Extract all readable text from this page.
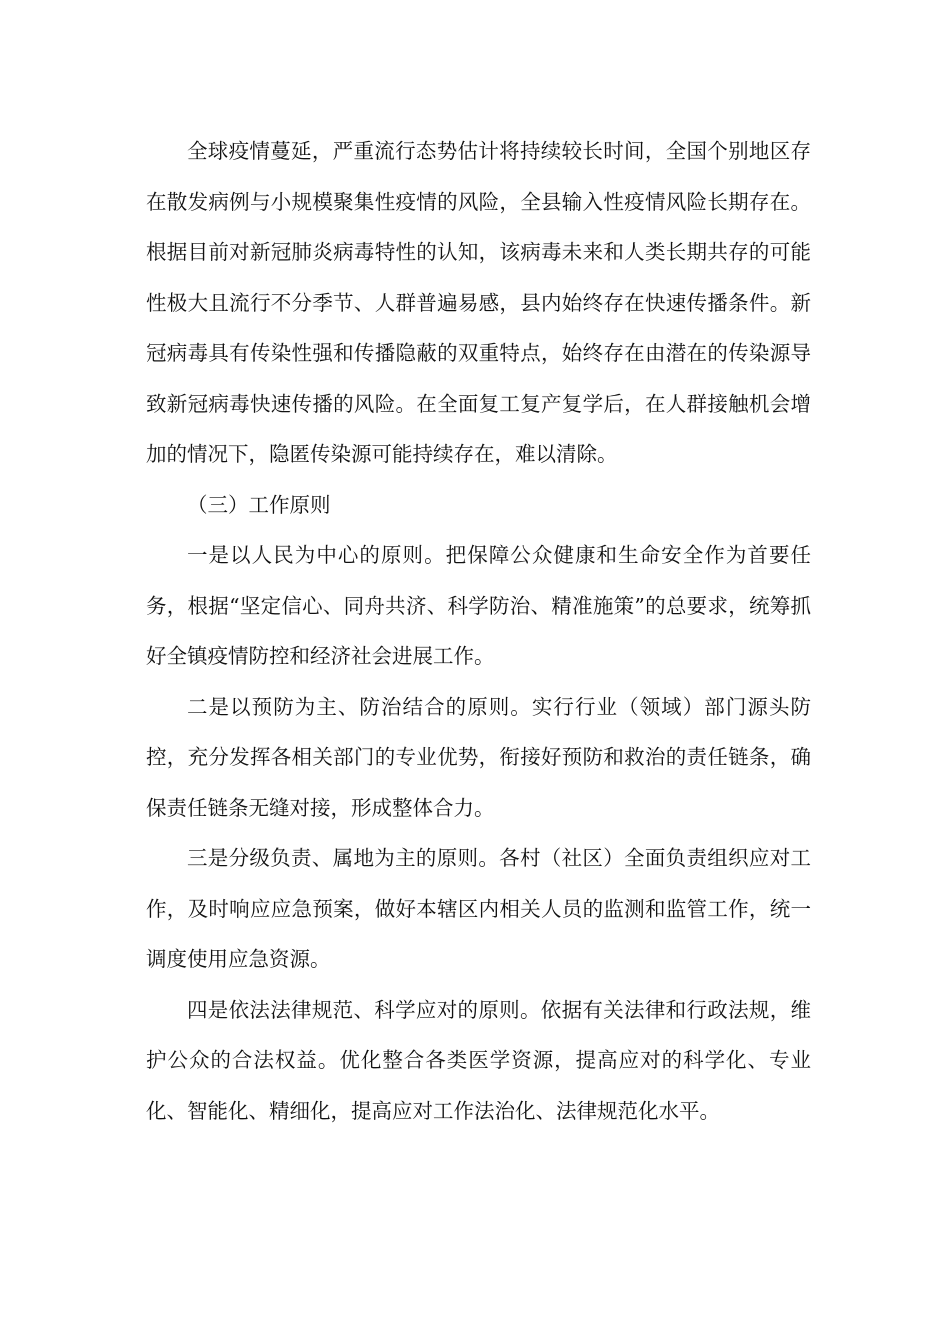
全球疫情蔓延，严重流行态势估计将持续较长时间，全国个别地区存在散发病例与小规模聚集性疫情的风险，全县输入性疫情风险长期存在。根据目前对新冠肺炎病毒特性的认知，该病毒未来和人类长期共存的可能性极大且流行不分季节、人群普遍易感，县内始终存在快速传播条件。新冠病毒具有传染性强和传播隐蔽的双重特点，始终存在由潜在的传染源导致新冠病毒快速传播的风险。在全面复工复产复学后，在人群接触机会增加的情况下，隐匿传染源可能持续存在，难以清除。

（三）工作原则

一是以人民为中心的原则。把保障公众健康和生命安全作为首要任务，根据“坚定信心、同舟共济、科学防治、精准施策”的总要求，统筹抓好全镇疫情防控和经济社会进展工作。

二是以预防为主、防治结合的原则。实行行业（领域）部门源头防控，充分发挥各相关部门的专业优势，衔接好预防和救治的责任链条，确保责任链条无缝对接，形成整体合力。

三是分级负责、属地为主的原则。各村（社区）全面负责组织应对工作，及时响应应急预案，做好本辖区内相关人员的监测和监管工作，统一调度使用应急资源。

四是依法法律规范、科学应对的原则。依据有关法律和行政法规，维护公众的合法权益。优化整合各类医学资源，提高应对的科学化、专业化、智能化、精细化，提高应对工作法治化、法律规范化水平。
